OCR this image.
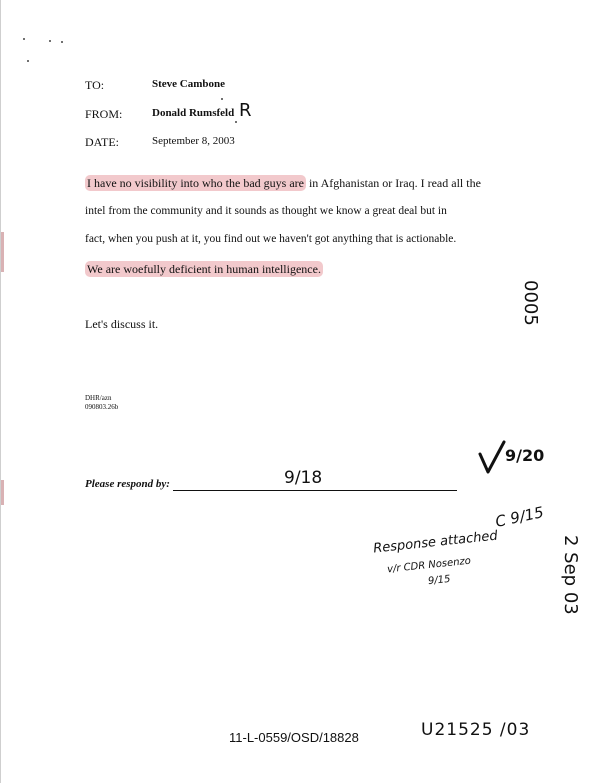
TO:	Steve Cambone
FROM:	Donald Rumsfeld R
DATE:	September 8, 2003
I have no visibility into who the bad guys are in Afghanistan or Iraq. I read all the
intel from the community and it sounds as thought we know a great deal but in
fact, when you push at it, you find out we haven't got anything that is actionable.
We are woefully deficient in human intelligence.
Let's discuss it.
DHR/azn
090803.26b
Please respond by:	9/18
9/20
C 9/15
Response attached
v/r CDR Nosenzo
9/15
0005
2 Sep 03
11-L-0559/OSD/18828	U21525 /03
